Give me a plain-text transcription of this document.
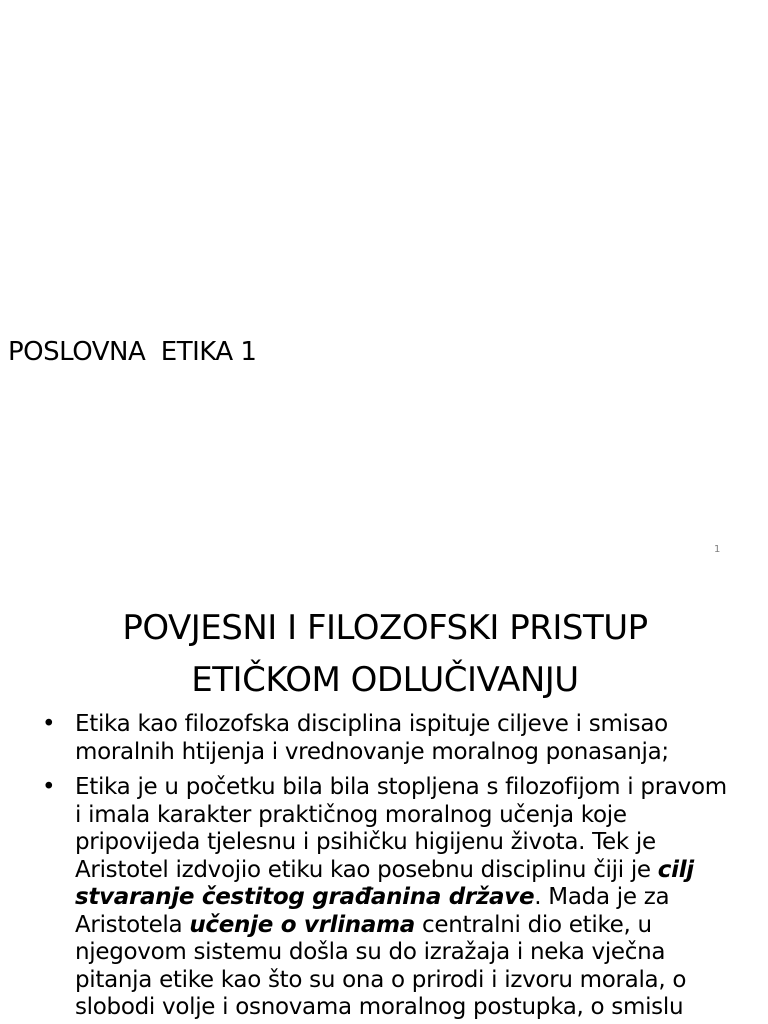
POSLOVNA  ETIKA 1
1
POVJESNI I FILOZOFSKI PRISTUP
ETIČKOM ODLUČIVANJU
• Etika kao filozofska disciplina ispituje ciljeve i smisao moralnih htijenja i vrednovanje moralnog ponasanja;
• Etika je u početku bila bila stopljena s filozofijom i pravom i imala karakter praktičnog moralnog učenja koje pripovijeda tjelesnu i psihičku higijenu života. Tek je Aristotel izdvojio etiku kao posebnu disciplinu čiji je cilj stvaranje čestitog građanina države. Mada je za Aristotela učenje o vrlinama centralni dio etike, u njegovom sistemu došla su do izražaja i neka vječna pitanja etike kao što su ona o prirodi i izvoru morala, o slobodi volje i osnovama moralnog postupka, o smislu
